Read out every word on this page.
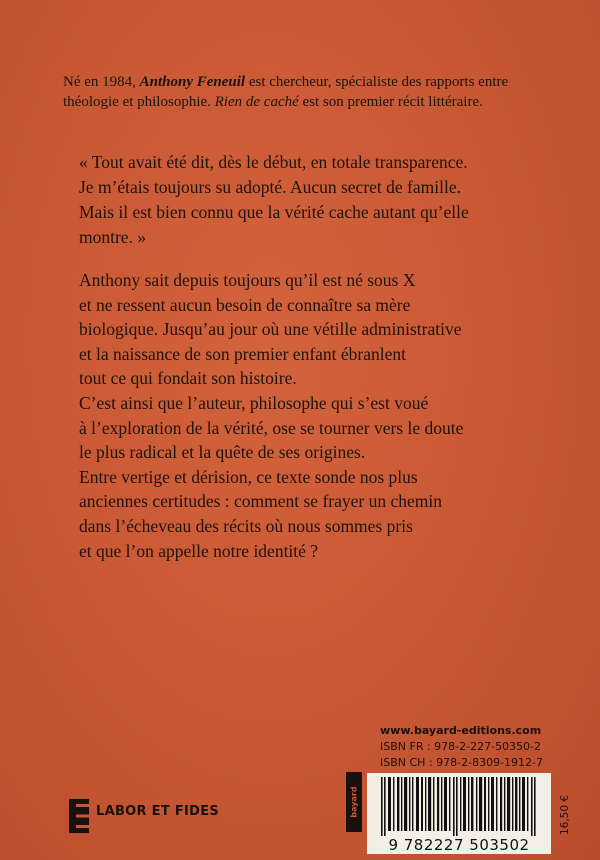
Né en 1984, Anthony Feneuil est chercheur, spécialiste des rapports entre théologie et philosophie. Rien de caché est son premier récit littéraire.
« Tout avait été dit, dès le début, en totale transparence.
Je m’étais toujours su adopté. Aucun secret de famille.
Mais il est bien connu que la vérité cache autant qu’elle
montre. »
Anthony sait depuis toujours qu’il est né sous X
et ne ressent aucun besoin de connaître sa mère
biologique. Jusqu’au jour où une vétille administrative
et la naissance de son premier enfant ébranlent
tout ce qui fondait son histoire.
C’est ainsi que l’auteur, philosophe qui s’est voué
à l’exploration de la vérité, ose se tourner vers le doute
le plus radical et la quête de ses origines.
Entre vertige et dérision, ce texte sonde nos plus
anciennes certitudes : comment se frayer un chemin
dans l’écheveau des récits où nous sommes pris
et que l’on appelle notre identité ?
LABOR ET FIDES
www.bayard-editions.com
ISBN FR : 978-2-227-50350-2
ISBN CH : 978-2-8309-1912-7
bayard
9 782227 503502
16,50 €
